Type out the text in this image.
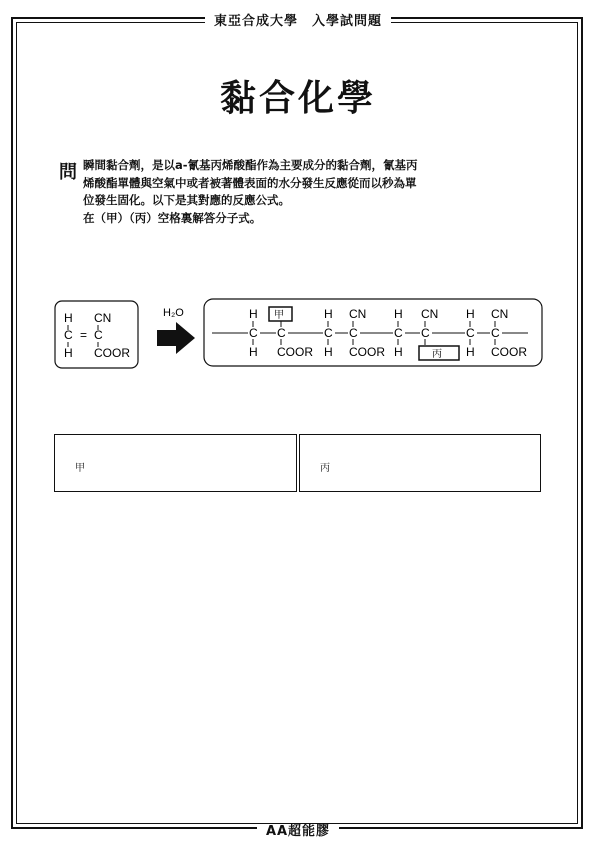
東亞合成大學　入學試問題
黏合化學
問 瞬間黏合劑，是以a-氰基丙烯酸酯作為主要成分的黏合劑，氰基丙
烯酸酯單體與空氣中或者被著體表面的水分發生反應從而以秒為單
位發生固化。以下是其對應的反應公式。
在（甲）（丙）空格裏解答分子式。
H
C = C
H
CN
COOR
H₂O
C
H
H
C
COOR
C
H
H
C
CN
COOR
C
H
H
C
CN
C
H
H
C
CN
COOR
甲
丙
甲	丙
AA超能膠
